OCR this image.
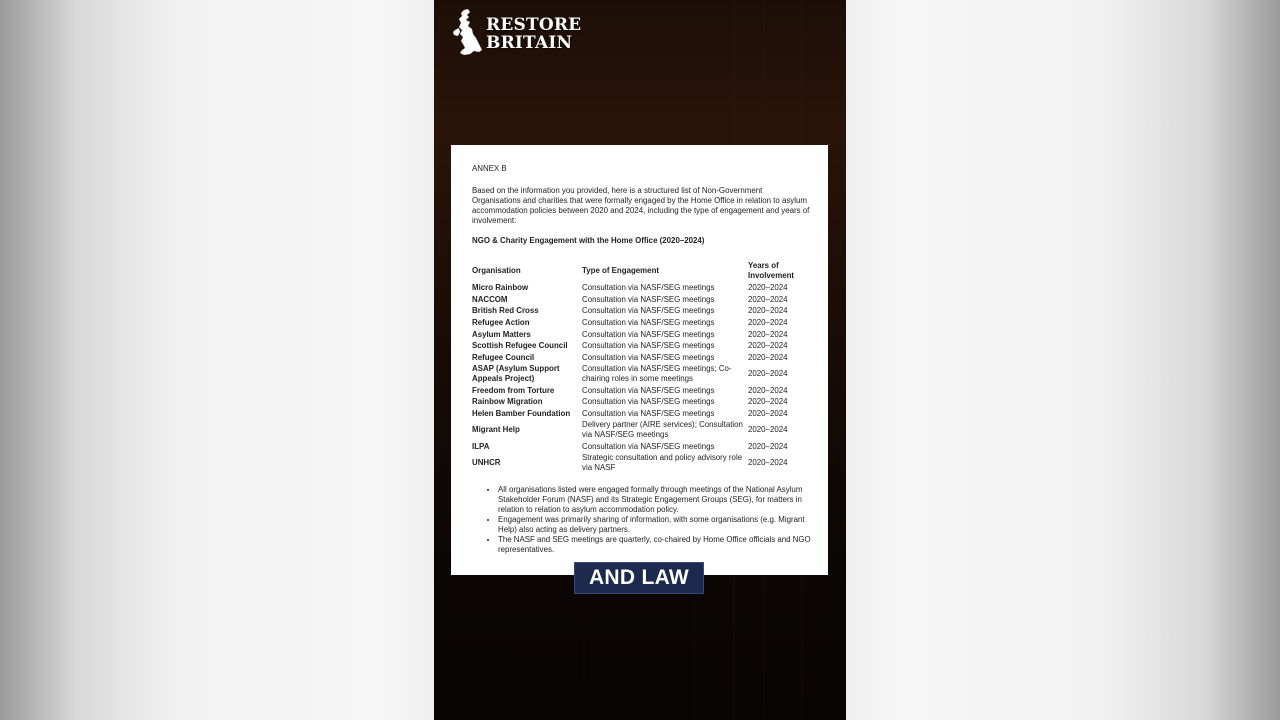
RESTORE
BRITAIN

ANNEX B

Based on the information you provided, here is a structured list of Non-Government Organisations and charities that were formally engaged by the Home Office in relation to asylum accommodation policies between 2020 and 2024, including the type of engagement and years of involvement:

NGO & Charity Engagement with the Home Office (2020–2024)

Organisation	Type of Engagement	Years of Involvement
Micro Rainbow	Consultation via NASF/SEG meetings	2020–2024
NACCOM	Consultation via NASF/SEG meetings	2020–2024
British Red Cross	Consultation via NASF/SEG meetings	2020–2024
Refugee Action	Consultation via NASF/SEG meetings	2020–2024
Asylum Matters	Consultation via NASF/SEG meetings	2020–2024
Scottish Refugee Council	Consultation via NASF/SEG meetings	2020–2024
Refugee Council	Consultation via NASF/SEG meetings	2020–2024
ASAP (Asylum Support Appeals Project)	Consultation via NASF/SEG meetings; Co-chairing roles in some meetings	2020–2024
Freedom from Torture	Consultation via NASF/SEG meetings	2020–2024
Rainbow Migration	Consultation via NASF/SEG meetings	2020–2024
Helen Bamber Foundation	Consultation via NASF/SEG meetings	2020–2024
Migrant Help	Delivery partner (AIRE services); Consultation via NASF/SEG meetings	2020–2024
ILPA	Consultation via NASF/SEG meetings	2020–2024
UNHCR	Strategic consultation and policy advisory role via NASF	2020–2024
• All organisations listed were engaged formally through meetings of the National Asylum Stakeholder Forum (NASF) and its Strategic Engagement Groups (SEG), for matters in relation to relation to asylum accommodation policy.
• Engagement was primarily sharing of information, with some organisations (e.g. Migrant Help) also acting as delivery partners.
• The NASF and SEG meetings are quarterly, co-chaired by Home Office officials and NGO representatives.
AND LAW
